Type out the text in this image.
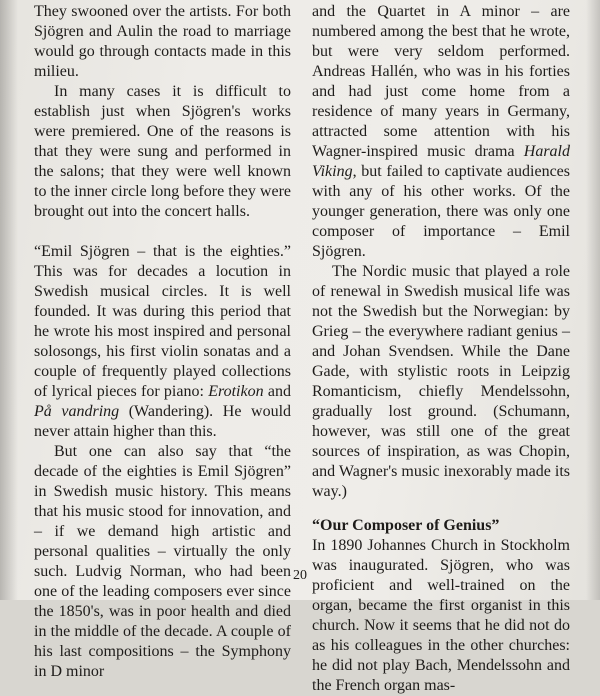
They swooned over the artists. For both Sjögren and Aulin the road to marriage would go through contacts made in this milieu.

In many cases it is difficult to establish just when Sjögren's works were premiered. One of the reasons is that they were sung and performed in the salons; that they were well known to the inner circle long before they were brought out into the concert halls.

“Emil Sjögren – that is the eighties.” This was for decades a locution in Swedish musical circles. It is well founded. It was during this period that he wrote his most inspired and personal solosongs, his first violin sonatas and a couple of frequently played collections of lyrical pieces for piano: Erotikon and På vandring (Wandering). He would never attain higher than this.

But one can also say that “the decade of the eighties is Emil Sjögren” in Swedish music history. This means that his music stood for innovation, and – if we demand high artistic and personal qualities – virtually the only such. Ludvig Norman, who had been one of the leading composers ever since the 1850's, was in poor health and died in the middle of the decade. A couple of his last compositions – the Symphony in D minor

and the Quartet in A minor – are numbered among the best that he wrote, but were very seldom performed. Andreas Hallén, who was in his forties and had just come home from a residence of many years in Germany, attracted some attention with his Wagner-inspired music drama Harald Viking, but failed to captivate audiences with any of his other works. Of the younger generation, there was only one composer of importance – Emil Sjögren.

The Nordic music that played a role of renewal in Swedish musical life was not the Swedish but the Norwegian: by Grieg – the everywhere radiant genius – and Johan Svendsen. While the Dane Gade, with stylistic roots in Leipzig Romanticism, chiefly Mendelssohn, gradually lost ground. (Schumann, however, was still one of the great sources of inspiration, as was Chopin, and Wagner's music inexorably made its way.)

“Our Composer of Genius”

In 1890 Johannes Church in Stockholm was inaugurated. Sjögren, who was proficient and well-trained on the organ, became the first organist in this church. Now it seems that he did not do as his colleagues in the other churches: he did not play Bach, Mendelssohn and the French organ mas-

20
